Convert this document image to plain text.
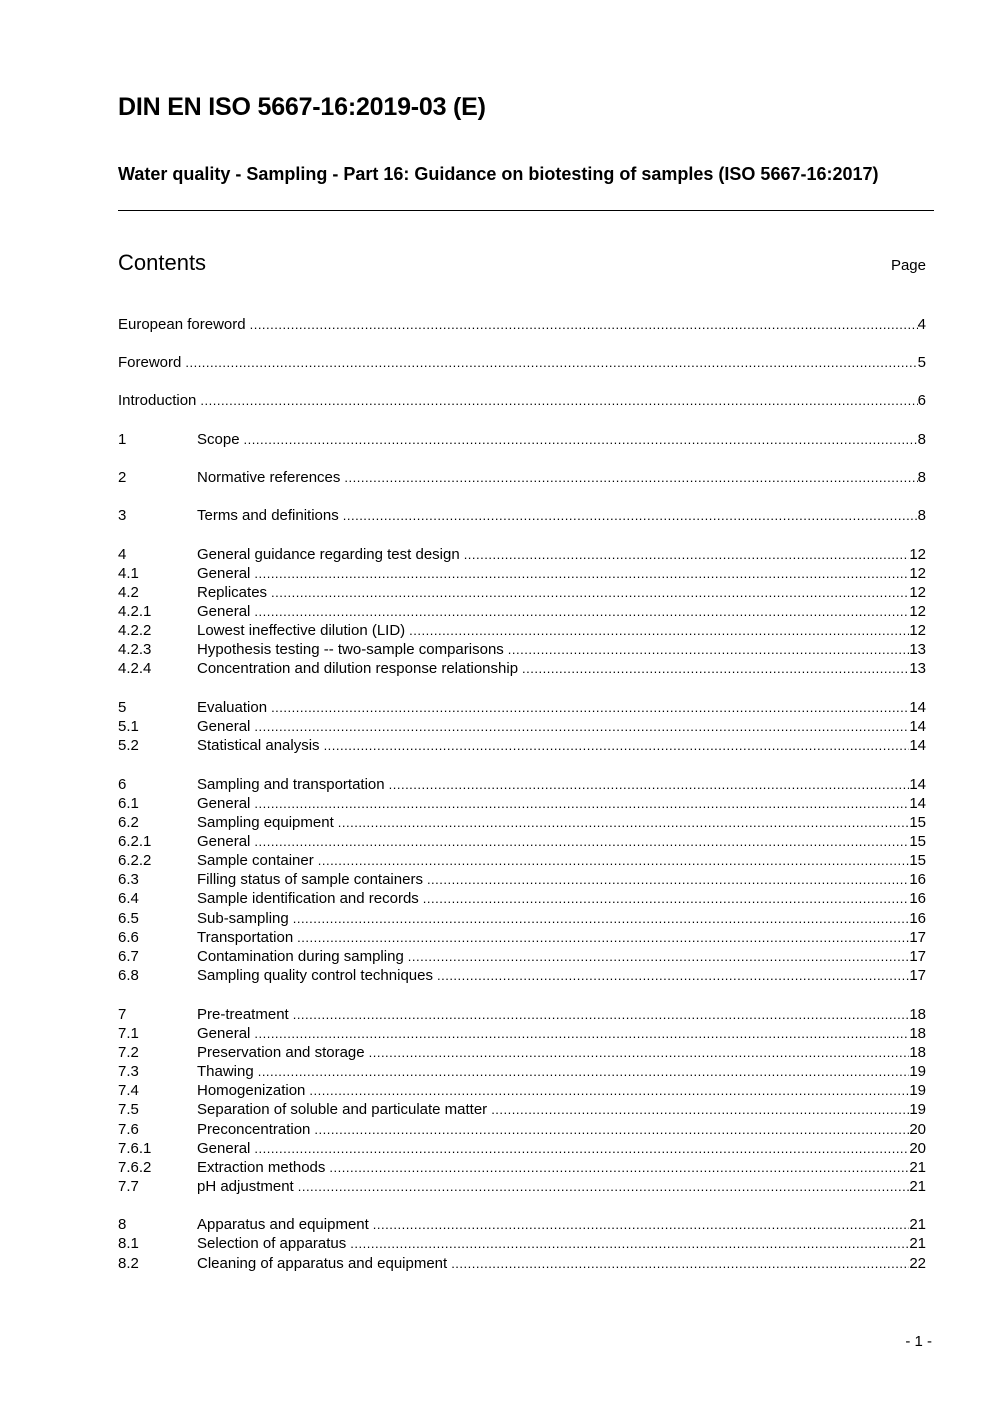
DIN EN ISO 5667-16:2019-03 (E)
Water quality - Sampling - Part 16: Guidance on biotesting of samples (ISO 5667-16:2017)
Contents	Page
European foreword .....	4
Foreword .....	5
Introduction .....	6
1	Scope .....	8
2	Normative references .....	8
3	Terms and definitions .....	8
4	General guidance regarding test design .....	12
4.1	General .....	12
4.2	Replicates .....	12
4.2.1	General .....	12
4.2.2	Lowest ineffective dilution (LID) .....	12
4.2.3	Hypothesis testing -- two-sample comparisons .....	13
4.2.4	Concentration and dilution response relationship .....	13
5	Evaluation .....	14
5.1	General .....	14
5.2	Statistical analysis .....	14
6	Sampling and transportation .....	14
6.1	General .....	14
6.2	Sampling equipment .....	15
6.2.1	General .....	15
6.2.2	Sample container .....	15
6.3	Filling status of sample containers .....	16
6.4	Sample identification and records .....	16
6.5	Sub-sampling .....	16
6.6	Transportation .....	17
6.7	Contamination during sampling .....	17
6.8	Sampling quality control techniques .....	17
7	Pre-treatment .....	18
7.1	General .....	18
7.2	Preservation and storage .....	18
7.3	Thawing .....	19
7.4	Homogenization .....	19
7.5	Separation of soluble and particulate matter .....	19
7.6	Preconcentration .....	20
7.6.1	General .....	20
7.6.2	Extraction methods .....	21
7.7	pH adjustment .....	21
8	Apparatus and equipment .....	21
8.1	Selection of apparatus .....	21
8.2	Cleaning of apparatus and equipment .....	22
- 1 -
